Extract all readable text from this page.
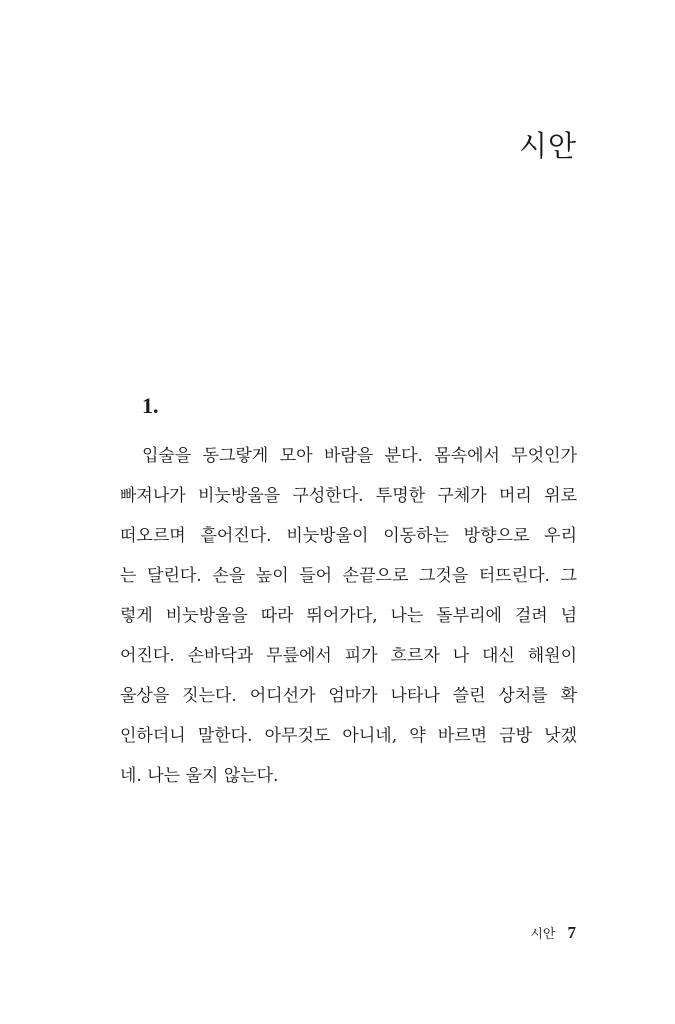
시안
1.
입술을 동그랗게 모아 바람을 분다. 몸속에서 무엇인가
빠져나가 비눗방울을 구성한다. 투명한 구체가 머리 위로
떠오르며 흩어진다. 비눗방울이 이동하는 방향으로 우리
는 달린다. 손을 높이 들어 손끝으로 그것을 터뜨린다. 그
렇게 비눗방울을 따라 뛰어가다, 나는 돌부리에 걸려 넘
어진다. 손바닥과 무릎에서 피가 흐르자 나 대신 해원이
울상을 짓는다. 어디선가 엄마가 나타나 쓸린 상처를 확
인하더니 말한다. 아무것도 아니네, 약 바르면 금방 낫겠
네. 나는 울지 않는다.
시안 7
